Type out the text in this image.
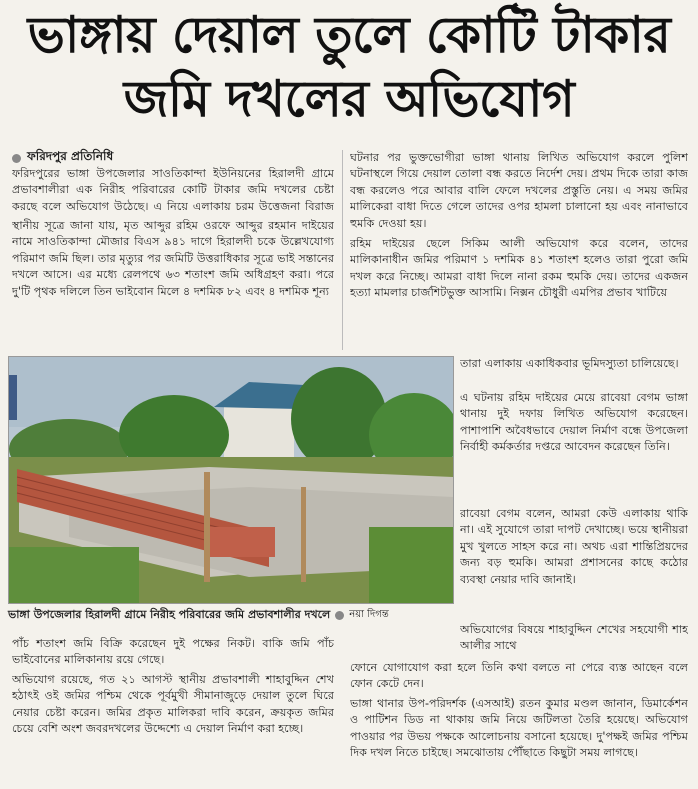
ভাঙ্গায় দেয়াল তুলে কোটি টাকার
জমি দখলের অভিযোগ
ফরিদপুর প্রতিনিধি

ফরিদপুরের ভাঙ্গা উপজেলার সাওতিকান্দা ইউনিয়নের হিরালদী গ্রামে প্রভাবশালীরা এক নিরীহ পরিবারের কোটি টাকার জমি দখলের চেষ্টা করছে বলে অভিযোগ উঠেছে। এ নিয়ে এলাকায় চরম উত্তেজনা বিরাজ

স্থানীয় সূত্রে জানা যায়, মৃত আব্দুর রহিম ওরফে আব্দুর রহমান দাইয়ের নামে সাওতিকান্দা মৌজার বিএস ৯৪১ দাগে হিরালদী চকে উল্লেখযোগ্য পরিমাণ জমি ছিল। তার মৃত্যুর পর জমিটি উত্তরাধিকার সূত্রে ভাই সন্তানের দখলে আসে। এর মধ্যে রেলপথে ৬৩ শতাংশ জমি অধিগ্রহণ করা। পরে দু'টি পৃথক দলিলে তিন ভাইবোন মিলে ৪ দশমিক ৮২ এবং ৪ দশমিক শূন্য

ঘটনার পর ভুক্তভোগীরা ভাঙ্গা থানায় লিখিত অভিযোগ করলে পুলিশ ঘটনাস্থলে গিয়ে দেয়াল তোলা বন্ধ করতে নির্দেশ দেয়। প্রথম দিকে তারা কাজ বন্ধ করলেও পরে আবার বালি ফেলে দখলের প্রস্তুতি নেয়। এ সময় জমির মালিকেরা বাধা দিতে গেলে তাদের ওপর হামলা চালানো হয় এবং নানাভাবে হুমকি দেওয়া হয়।

রহিম দাইয়ের ছেলে সিকিম আলী অভিযোগ করে বলেন, তাদের মালিকানাধীন জমির পরিমাণ ১ দশমিক ৪১ শতাংশ হলেও তারা পুরো জমি দখল করে নিচ্ছে। আমরা বাধা দিলে নানা রকম হুমকি দেয়। তাদের একজন হত্যা মামলার চার্জশিটভুক্ত আসামি। নিক্সন চৌধুরী এমপির প্রভাব খাটিয়ে

তারা এলাকায় একাধিকবার ভূমিদস্যুতা চালিয়েছে।

এ ঘটনায় রহিম দাইয়ের মেয়ে রাবেয়া বেগম ভাঙ্গা থানায় দুই দফায় লিখিত অভিযোগ করেছেন। পাশাপাশি অবৈধভাবে দেয়াল নির্মাণ বন্ধে উপজেলা নির্বাহী কর্মকর্তার দপ্তরে আবেদন করেছেন তিনি।

রাবেয়া বেগম বলেন, আমরা কেউ এলাকায় থাকি না। এই সুযোগে তারা দাপট দেখাচ্ছে। ভয়ে স্থানীয়রা মুখ খুলতে সাহস করে না। অথচ এরা শান্তিপ্রিয়দের জন্য বড় হুমকি। আমরা প্রশাসনের কাছে কঠোর ব্যবস্থা নেয়ার দাবি জানাই।

অভিযোগের বিষয়ে শাহাবুদ্দিন শেখের সহযোগী শাহ আলীর সাথে

ভাঙ্গা উপজেলার হিরালদী গ্রামে নিরীহ পরিবারের জমি প্রভাবশালীর দখলে নয়া দিগন্ত

পাঁচ শতাংশ জমি বিক্রি করেছেন দুই পক্ষের নিকট। বাকি জমি পাঁচ ভাইবোনের মালিকানায় রয়ে গেছে।

অভিযোগ রয়েছে, গত ২১ আগস্ট স্থানীয় প্রভাবশালী শাহাবুদ্দিন শেখ হঠাৎই ওই জমির পশ্চিম থেকে পূর্বমুখী সীমানাজুড়ে দেয়াল তুলে ঘিরে নেয়ার চেষ্টা করেন। জমির প্রকৃত মালিকরা দাবি করেন, ক্রয়কৃত জমির চেয়ে বেশি অংশ জবরদখলের উদ্দেশ্যে এ দেয়াল নির্মাণ করা হচ্ছে।

ফোনে যোগাযোগ করা হলে তিনি কথা বলতে না পেরে ব্যস্ত আছেন বলে ফোন কেটে দেন।

ভাঙ্গা থানার উপ-পরিদর্শক (এসআই) রতন কুমার মণ্ডল জানান, ডিমার্কেশন ও পাটিশন ডিড না থাকায় জমি নিয়ে জটিলতা তৈরি হয়েছে। অভিযোগ পাওয়ার পর উভয় পক্ষকে আলোচনায় বসানো হয়েছে। দু'পক্ষই জমির পশ্চিম দিক দখল নিতে চাইছে। সমঝোতায় পৌঁছাতে কিছুটা সময় লাগছে।
